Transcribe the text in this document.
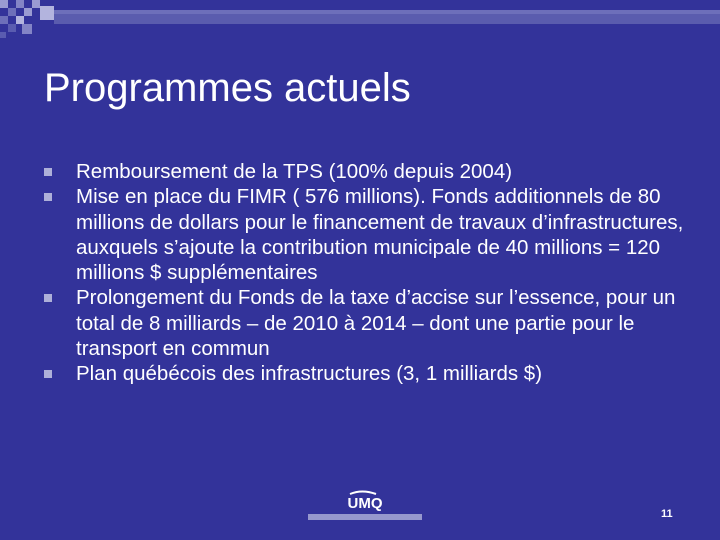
Programmes actuels
Remboursement de la TPS (100% depuis 2004)
Mise en place du FIMR ( 576 millions). Fonds additionnels de 80 millions de dollars pour le financement de travaux d’infrastructures, auxquels s’ajoute la contribution municipale de 40 millions = 120 millions $ supplémentaires
Prolongement du Fonds de la taxe d’accise sur l’essence, pour un total de 8 milliards – de 2010 à 2014 – dont une partie pour le transport en commun
Plan québécois des infrastructures (3, 1 milliards $)
UMQ
11
